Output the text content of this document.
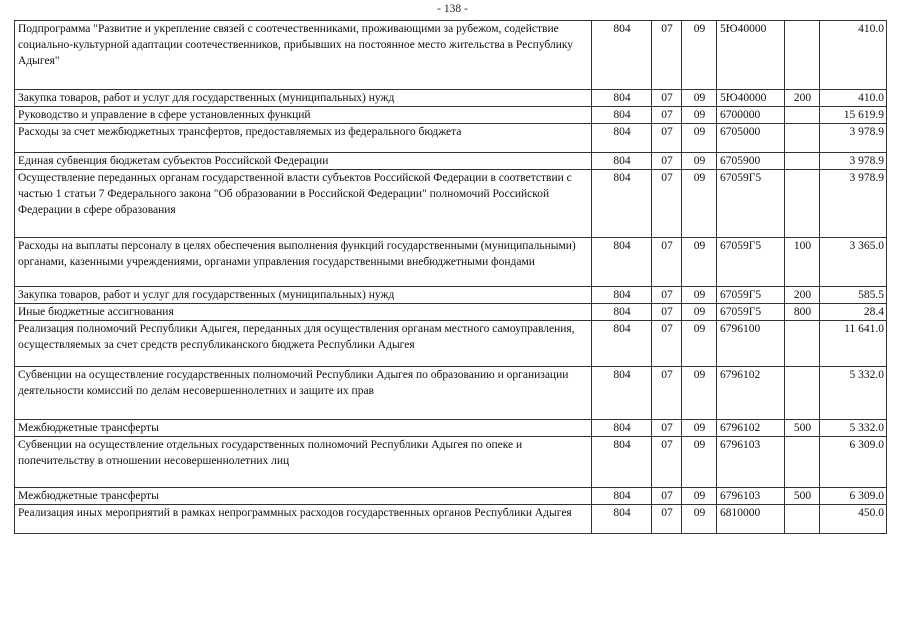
- 138 -
Подпрограмма "Развитие и укрепление связей с соотечественниками, проживающими за рубежом, содействие социально-культурной адаптации соотечественников, прибывших на постоянное место жительства в Республику Адыгея"	804	07	09	5Ю40000		410.0
Закупка товаров, работ и услуг для государственных (муниципальных) нужд	804	07	09	5Ю40000	200	410.0
Руководство и управление в сфере установленных функций	804	07	09	6700000		15 619.9
Расходы за счет межбюджетных трансфертов, предоставляемых из федерального бюджета	804	07	09	6705000		3 978.9
Единая субвенция бюджетам субъектов Российской Федерации	804	07	09	6705900		3 978.9
Осуществление переданных органам государственной власти субъектов Российской Федерации в соответствии с частью 1 статьи 7 Федерального закона "Об образовании в Российской Федерации" полномочий Российской Федерации в сфере образования	804	07	09	67059Г5		3 978.9
Расходы на выплаты персоналу в целях обеспечения выполнения функций государственными (муниципальными) органами, казенными учреждениями, органами управления государственными внебюджетными фондами	804	07	09	67059Г5	100	3 365.0
Закупка товаров, работ и услуг для государственных (муниципальных) нужд	804	07	09	67059Г5	200	585.5
Иные бюджетные ассигнования	804	07	09	67059Г5	800	28.4
Реализация полномочий Республики Адыгея, переданных для осуществления органам местного самоуправления, осуществляемых за счет средств республиканского бюджета Республики Адыгея	804	07	09	6796100		11 641.0
Субвенции на осуществление государственных полномочий Республики Адыгея по образованию и организации деятельности комиссий по делам несовершеннолетних и защите их прав	804	07	09	6796102		5 332.0
Межбюджетные трансферты	804	07	09	6796102	500	5 332.0
Субвенции на осуществление отдельных государственных полномочий Республики Адыгея по опеке и попечительству в отношении несовершеннолетних лиц	804	07	09	6796103		6 309.0
Межбюджетные трансферты	804	07	09	6796103	500	6 309.0
Реализация иных мероприятий в рамках непрограммных расходов государственных органов Республики Адыгея	804	07	09	6810000		450.0
